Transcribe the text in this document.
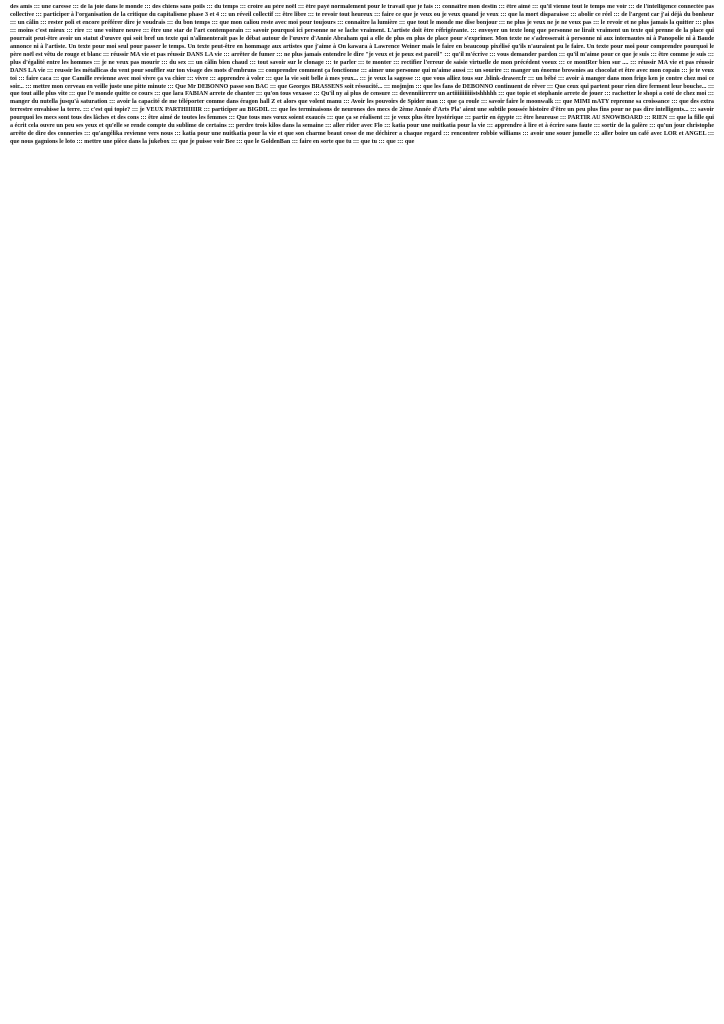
des amis ::: une caresse ::: de la joie dans le monde ::: des chiens sans poils ::: du temps ::: croire au père noël ::: être payé normalement pour le travail que je fais ::: connaître mon destin ::: être aimé ::: qu'il vienne tout le temps me voir ::: de l'intelligence connectée pas collective ::: participer à l'organisation de la critique du capitalisme phase 3 et 4 ::: un réveil collectif ::: être libre ::: te revoir tout heureux ::: faire ce que je veux ou je veux quand je veux ::: que la mort disparaisse ::: abolir ce réel ::: de l'argent car j'ai déjà du bonheur ::: un câlin ::: rester poli et encore préférer dire je voudrais ::: du bon temps ::: que mon caliou reste avec moi pour toujours ::: connaître la lumière ::: que tout le monde me dise bonjour ::: ne plus je veux ne je ne veux pas ::: le revoir et ne plus jamais la quitter ::: plus ::: moins c'est mieux ::: rire ::: une voiture neuve ::: être une star de l'art contemporain ::: savoir pourquoi ici personne ne se lache vraiment. L'artiste doit être réfrigérante. ::: envoyer un texte long que personne ne lirait vraiment un texte qui prenne de la place qui pourrait peut-être avoir un statut d'œuvre qui soit bref un texte qui n'alimenterait pas le débat autour de l'œuvre d'Annie Abraham qui a elle de plus en plus de place pour s'exprimer. Mon texte ne s'adresserait à personne ni aux internautes ni à Panopolie ni à Baude annonce ni à l'artiste. Un texte pour moi seul pour passer le temps. Un texte peut-être en hommage aux artistes que j'aime à On kawara à Lawrence Weiner mais le faire en beaucoup pixélisé qu'ils n'auraient pu le faire. Un texte pour moi pour comprendre pourquoi le père noël est vêtu de rouge et blanc ::: réussir MA vie et pas réussir DANS LA vie ::: arrêter de fumer ::: ne plus jamais entendre le dire "je veux et je peux est pareil" ::: qu'il m'écrive ::: vous demander pardon ::: qu'il m'aime pour ce que je suis ::: être comme je suis ::: plus d'égalité entre les hommes ::: je ne veux pas mourir ::: du sex ::: un câlin bien chaud ::: tout savoir sur le clonage ::: te parler ::: te monter ::: rectifier l'erreur de saisie virtuelle de mon précédent voeux ::: ce montRer bien sur .... ::: réussir MA vie et pas réussir DANS LA vie ::: reussir les métallicas du vent pour souffler sur ton visage des mots d'embruns ::: comprendre comment ça fonctionne ::: aimer une personne qui m'aime aussi ::: un sourire ::: manger un énorme brownies au chocolat et être avec mon copain ::: je te veux toi ::: faire caca ::: que Camille revienne avec moi vivre ça va chier ::: vivre ::: apprendre à voler ::: que la vie soit belle à mes yeux... ::: je veux la sagesse ::: que vous alliez tous sur .blink-drawer.fr ::: un bébé ::: avoir à manger dans mon frigo ken je contre chez moi ce soir... ::: mettre mon cerveau en veille juste une pitte minute ::: Que Mr DEBONNO passe son BAC ::: que Georges BRASSENS soit réssucité... ::: mojmjm ::: que les fans de DEBONNO continuent de rêver ::: Que ceux qui partent pour rien dire ferment leur bouche... ::: que tout aille plus vite ::: que l'e monde quitte ce cours ::: que lara FABIAN arrete de chanter ::: qu'on tous vexasse ::: Qu'il ny ai plus de censure ::: devenniiirrrrr un artiiiiiiiiiiistshhhhh ::: que topie et stephanie arrete de jouer ::: rachetter le shopi a coté de chez moi ::: manger du nutella jusqu'à saturation ::: avoir la capacité de me téléporter comme dans éragon hall Z et alors que volent manu ::: Avoir les pouvoirs de Spider man ::: que ça roule ::: savoir faire le moonwalk ::: que MIMI mATY reprenne sa croissance ::: que des extra terrestre envahisse la terre. ::: c'est qui topie? ::: je VEUX PARTHIIIIIR ::: participer au BIGDIL ::: que les terminaisons de neurones des mecs de 2ème Année d'Arts Pla' aient une subtile poussée histoire d'être un peu plus fins pour ne pas dire intelligents... ::: savoir pourquoi les mecs sont tous des lâches et des cons ::: être aimé de toutes les femmes ::: Que tous mes vœux soient exaucés ::: que ça se réalisent ::: je veux plus être hystérique ::: partir en égypte ::: être heureuse ::: PARTIR AU SNOWBOARD ::: RIEN ::: que la fille qui a écrit cela ouvre un peu ses yeux et qu'elle se rende compte du sublime de certains ::: perdre trois kilos dans la semaine ::: aller rider avec Flo ::: katia pour une nuitkatia pour la vie ::: apprendre à lire et à écrire sans faute ::: sortir de la galère ::: qu'un jour christophe arrête de dire des conneries ::: qu'angélika revienne vers nous ::: katia pour une nuitkatia pour la vie et que son charme beaut cesse de me déchirer a chaque regard ::: rencontrer robbie williams ::: avoir une souer jumelle ::: aller boire un café avec LOR et ANGEL ::: que nous gagnions le loto ::: mettre une pièce dans la jukebox ::: que je puisse voir Bee ::: que le GoldenBan ::: faire en sorte que tu ::: que tu ::: que ::: que
